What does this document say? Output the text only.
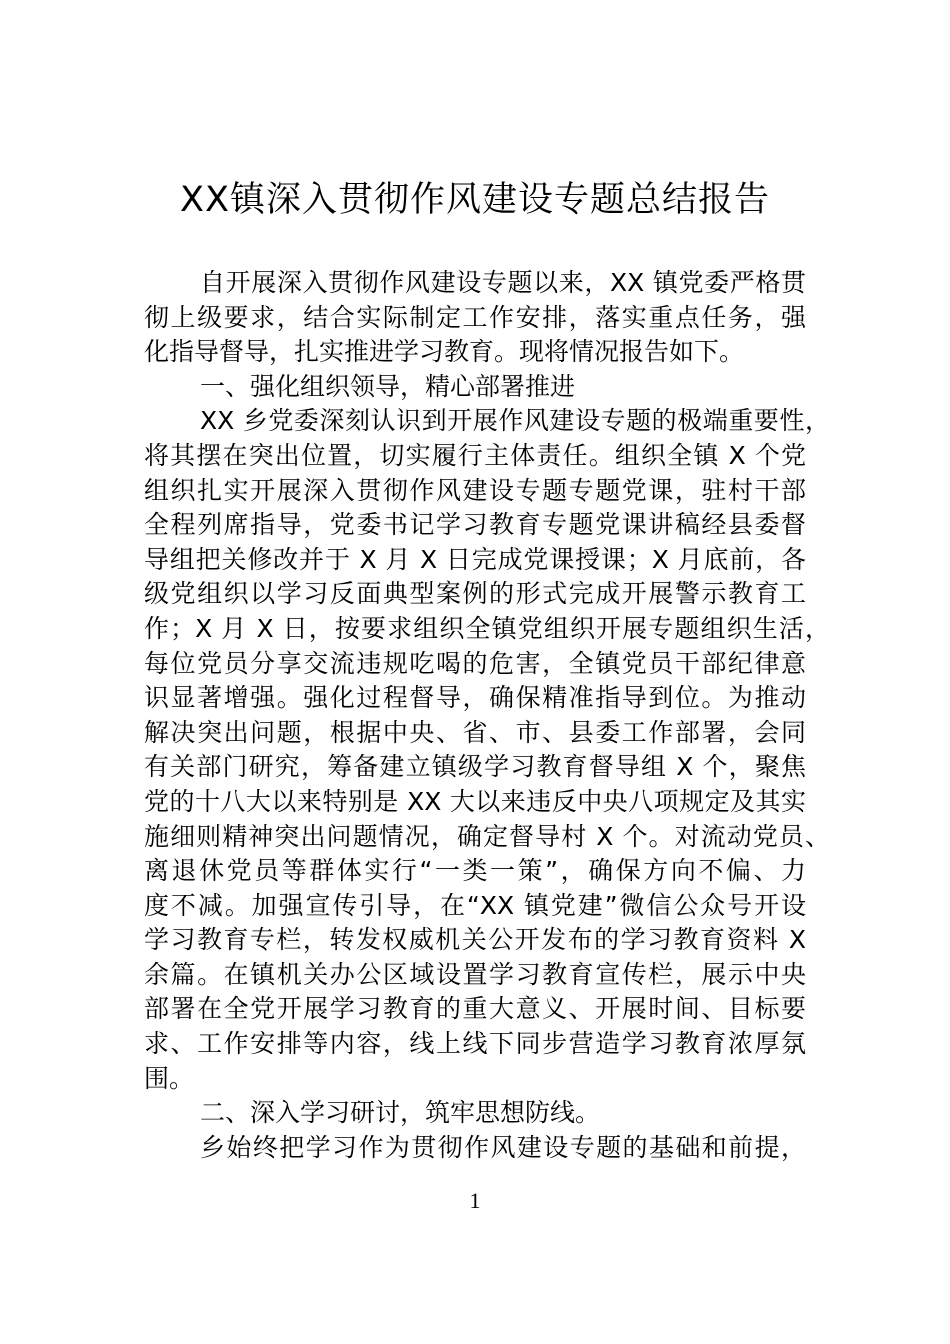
XX镇深入贯彻作风建设专题总结报告
自开展深入贯彻作风建设专题以来，XX 镇党委严格贯
彻上级要求，结合实际制定工作安排，落实重点任务，强
化指导督导，扎实推进学习教育。现将情况报告如下。
一、强化组织领导，精心部署推进
XX 乡党委深刻认识到开展作风建设专题的极端重要性，
将其摆在突出位置，切实履行主体责任。组织全镇 X 个党
组织扎实开展深入贯彻作风建设专题专题党课，驻村干部
全程列席指导，党委书记学习教育专题党课讲稿经县委督
导组把关修改并于 X 月 X 日完成党课授课；X 月底前，各
级党组织以学习反面典型案例的形式完成开展警示教育工
作；X 月 X 日，按要求组织全镇党组织开展专题组织生活，
每位党员分享交流违规吃喝的危害，全镇党员干部纪律意
识显著增强。强化过程督导，确保精准指导到位。为推动
解决突出问题，根据中央、省、市、县委工作部署，会同
有关部门研究，筹备建立镇级学习教育督导组 X 个，聚焦
党的十八大以来特别是 XX 大以来违反中央八项规定及其实
施细则精神突出问题情况，确定督导村 X 个。对流动党员、
离退休党员等群体实行“一类一策”，确保方向不偏、力
度不减。加强宣传引导，在“XX 镇党建”微信公众号开设
学习教育专栏，转发权威机关公开发布的学习教育资料 X
余篇。在镇机关办公区域设置学习教育宣传栏，展示中央
部署在全党开展学习教育的重大意义、开展时间、目标要
求、工作安排等内容，线上线下同步营造学习教育浓厚氛
围。
二、深入学习研讨，筑牢思想防线。
乡始终把学习作为贯彻作风建设专题的基础和前提，
1
